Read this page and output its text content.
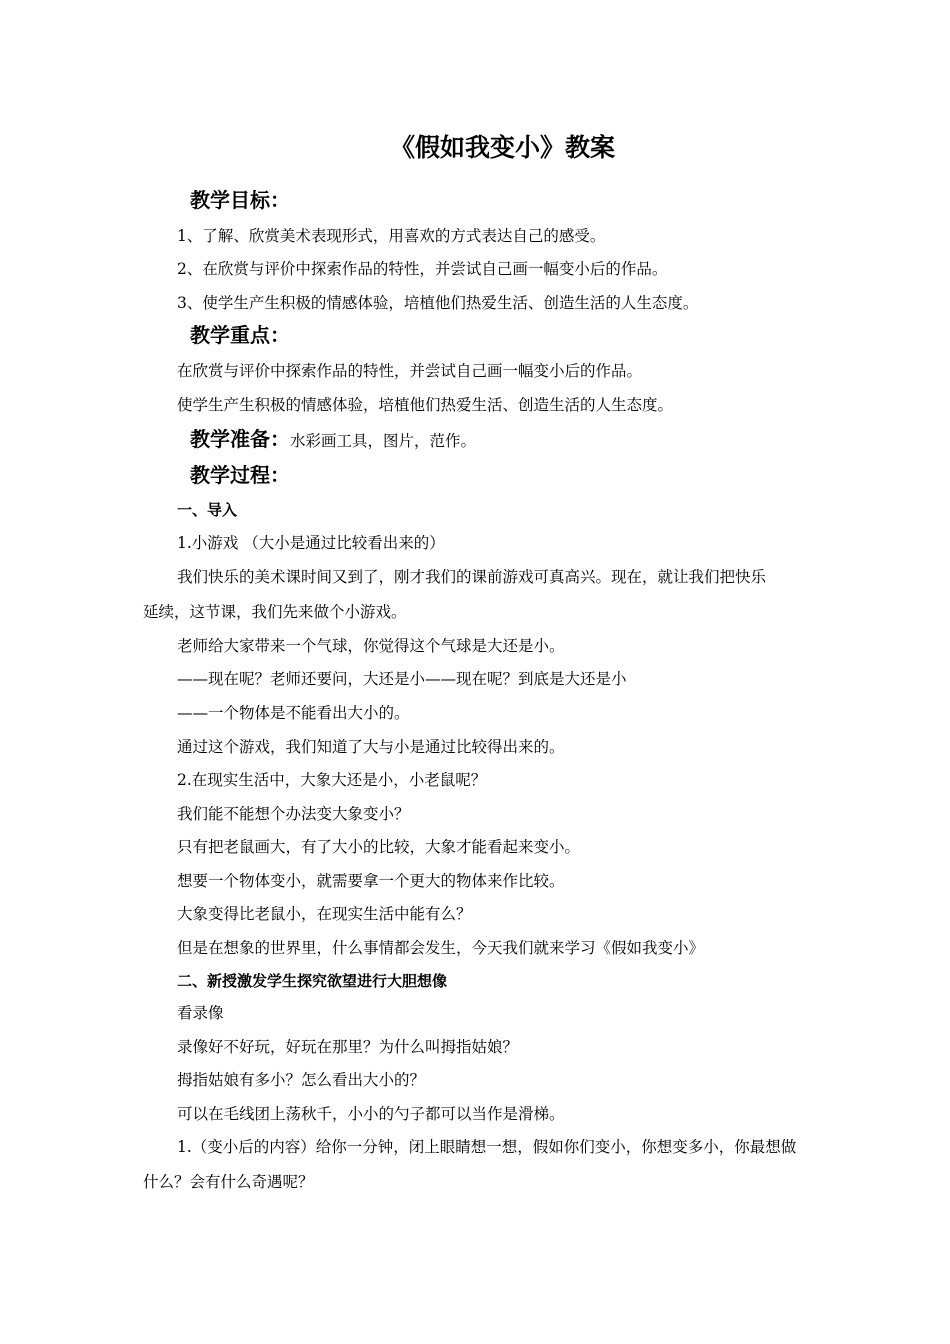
《假如我变小》教案
教学目标：
1、了解、欣赏美术表现形式，用喜欢的方式表达自己的感受。
2、在欣赏与评价中探索作品的特性，并尝试自己画一幅变小后的作品。
3、使学生产生积极的情感体验，培植他们热爱生活、创造生活的人生态度。
教学重点：
在欣赏与评价中探索作品的特性，并尝试自己画一幅变小后的作品。
使学生产生积极的情感体验，培植他们热爱生活、创造生活的人生态度。
教学准备：水彩画工具，图片，范作。
教学过程：
一、导入
1.小游戏 （大小是通过比较看出来的）
我们快乐的美术课时间又到了，刚才我们的课前游戏可真高兴。现在，就让我们把快乐
延续，这节课，我们先来做个小游戏。
老师给大家带来一个气球，你觉得这个气球是大还是小。
——现在呢？老师还要问，大还是小——现在呢？到底是大还是小
——一个物体是不能看出大小的。
通过这个游戏，我们知道了大与小是通过比较得出来的。
2.在现实生活中，大象大还是小，小老鼠呢？
我们能不能想个办法变大象变小？
只有把老鼠画大，有了大小的比较，大象才能看起来变小。
想要一个物体变小，就需要拿一个更大的物体来作比较。
大象变得比老鼠小，在现实生活中能有么？
但是在想象的世界里，什么事情都会发生，今天我们就来学习《假如我变小》
二、新授激发学生探究欲望进行大胆想像
看录像
录像好不好玩，好玩在那里？为什么叫拇指姑娘？
拇指姑娘有多小？怎么看出大小的？
可以在毛线团上荡秋千，小小的勺子都可以当作是滑梯。
1.（变小后的内容）给你一分钟，闭上眼睛想一想，假如你们变小，你想变多小，你最想做
什么？会有什么奇遇呢？
